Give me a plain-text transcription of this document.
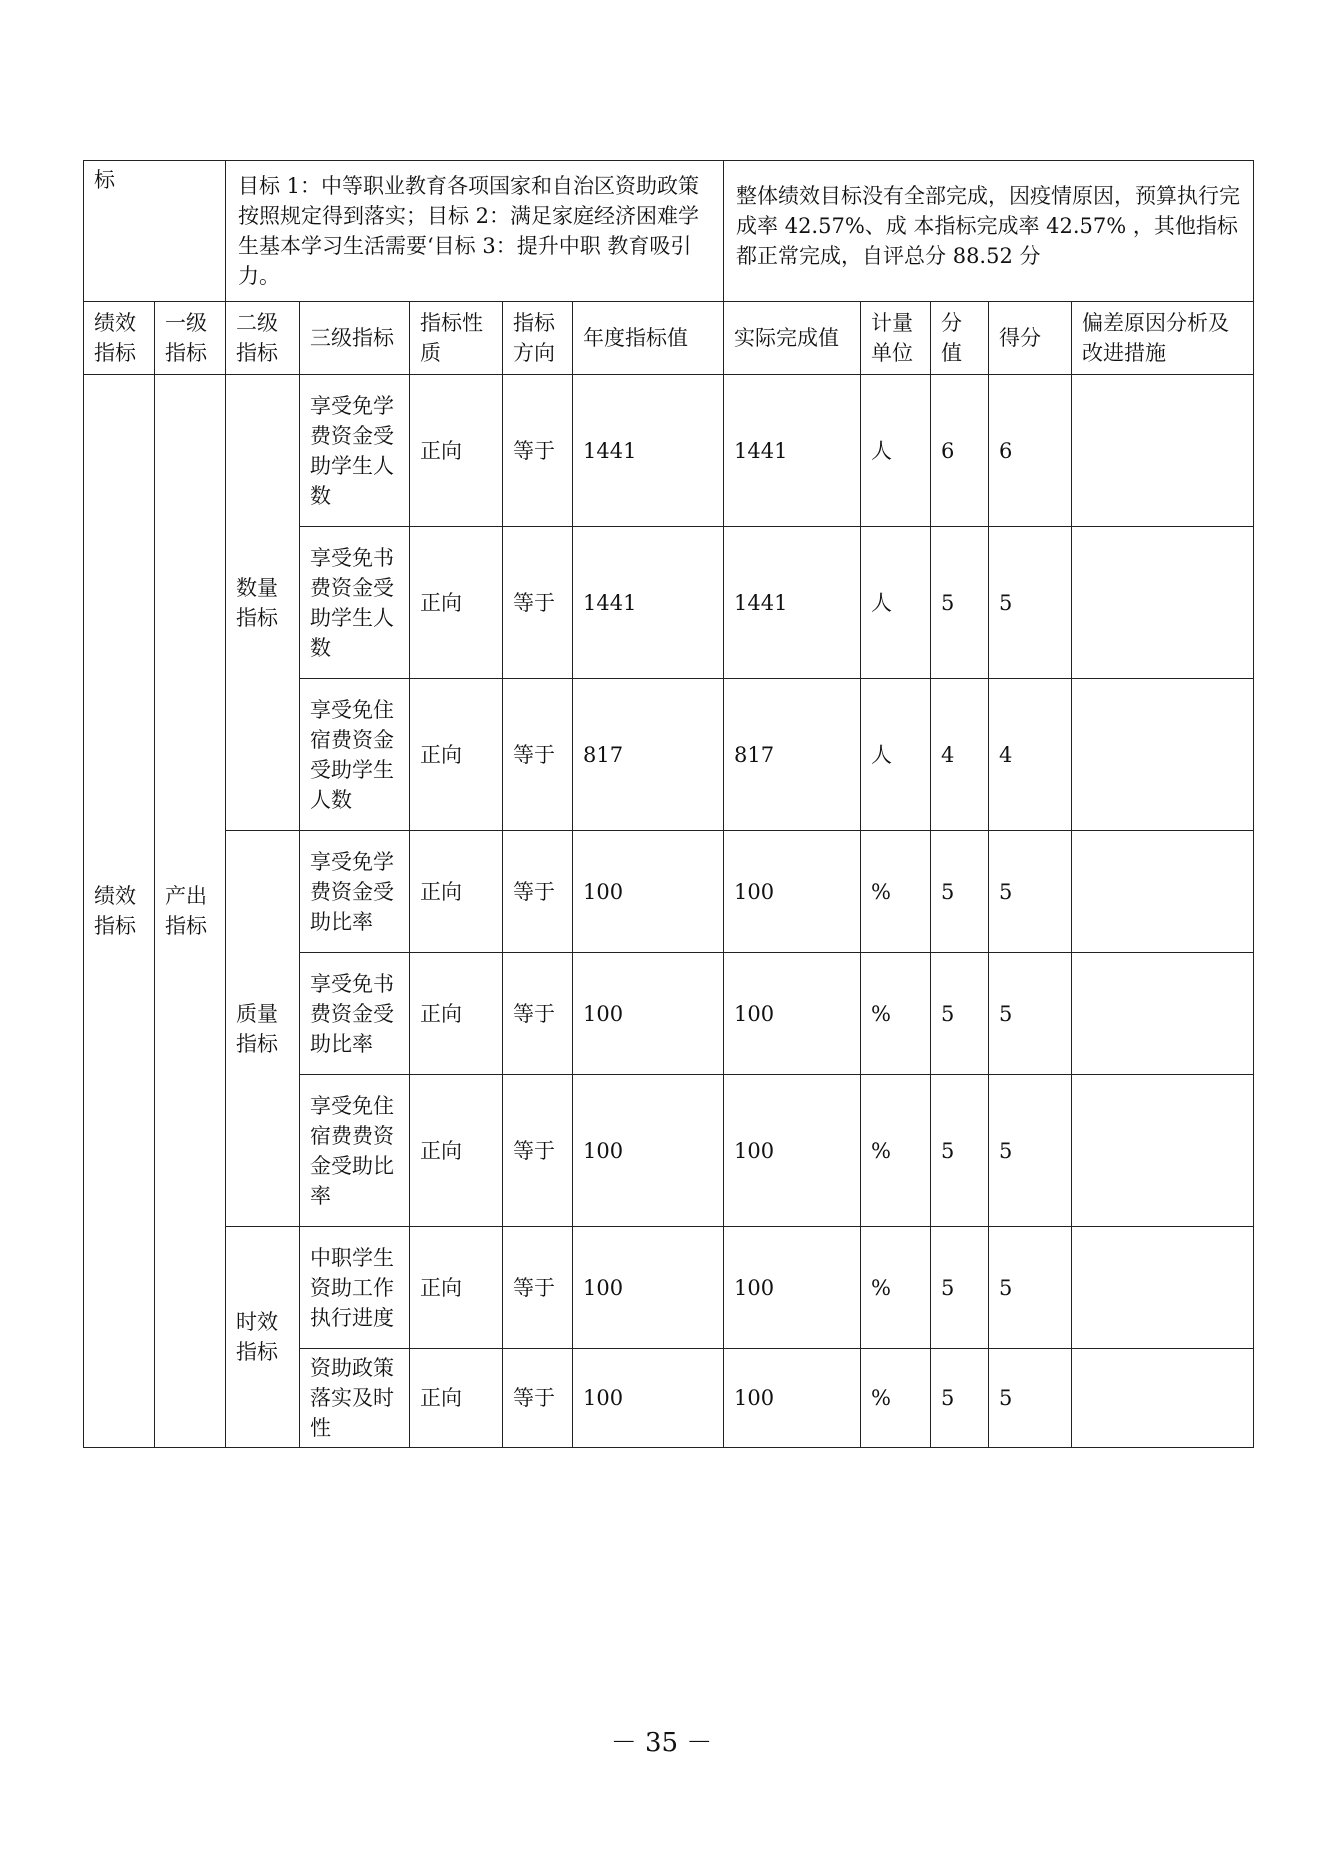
标		目标 1：中等职业教育各项国家和自治区资助政策按照规定得到落实；目标 2：满足家庭经济困难学生基本学习生活需要‘目标 3：提升中职 教育吸引力。					整体绩效目标没有全部完成，因疫情原因，预算执行完成率 42.57%、成 本指标完成率 42.57% ，其他指标都正常完成，自评总分 88.52 分				
绩效指标	一级指标	二级指标	三级指标	指标性质	指标方向	年度指标值	实际完成值	计量单位	分值	得分	偏差原因分析及改进措施
绩效指标	产出指标	数量指标	享受免学费资金受助学生人数	正向	等于	1441	1441	人	6	6	
			享受免书费资金受助学生人数	正向	等于	1441	1441	人	5	5	
			享受免住宿费资金受助学生人数	正向	等于	817	817	人	4	4	
		质量指标	享受免学费资金受助比率	正向	等于	100	100	%	5	5	
			享受免书费资金受助比率	正向	等于	100	100	%	5	5	
			享受免住宿费费资金受助比率	正向	等于	100	100	%	5	5	
		时效指标	中职学生资助工作执行进度	正向	等于	100	100	%	5	5	
			资助政策落实及时性	正向	等于	100	100	%	5	5	
－ 35 －
